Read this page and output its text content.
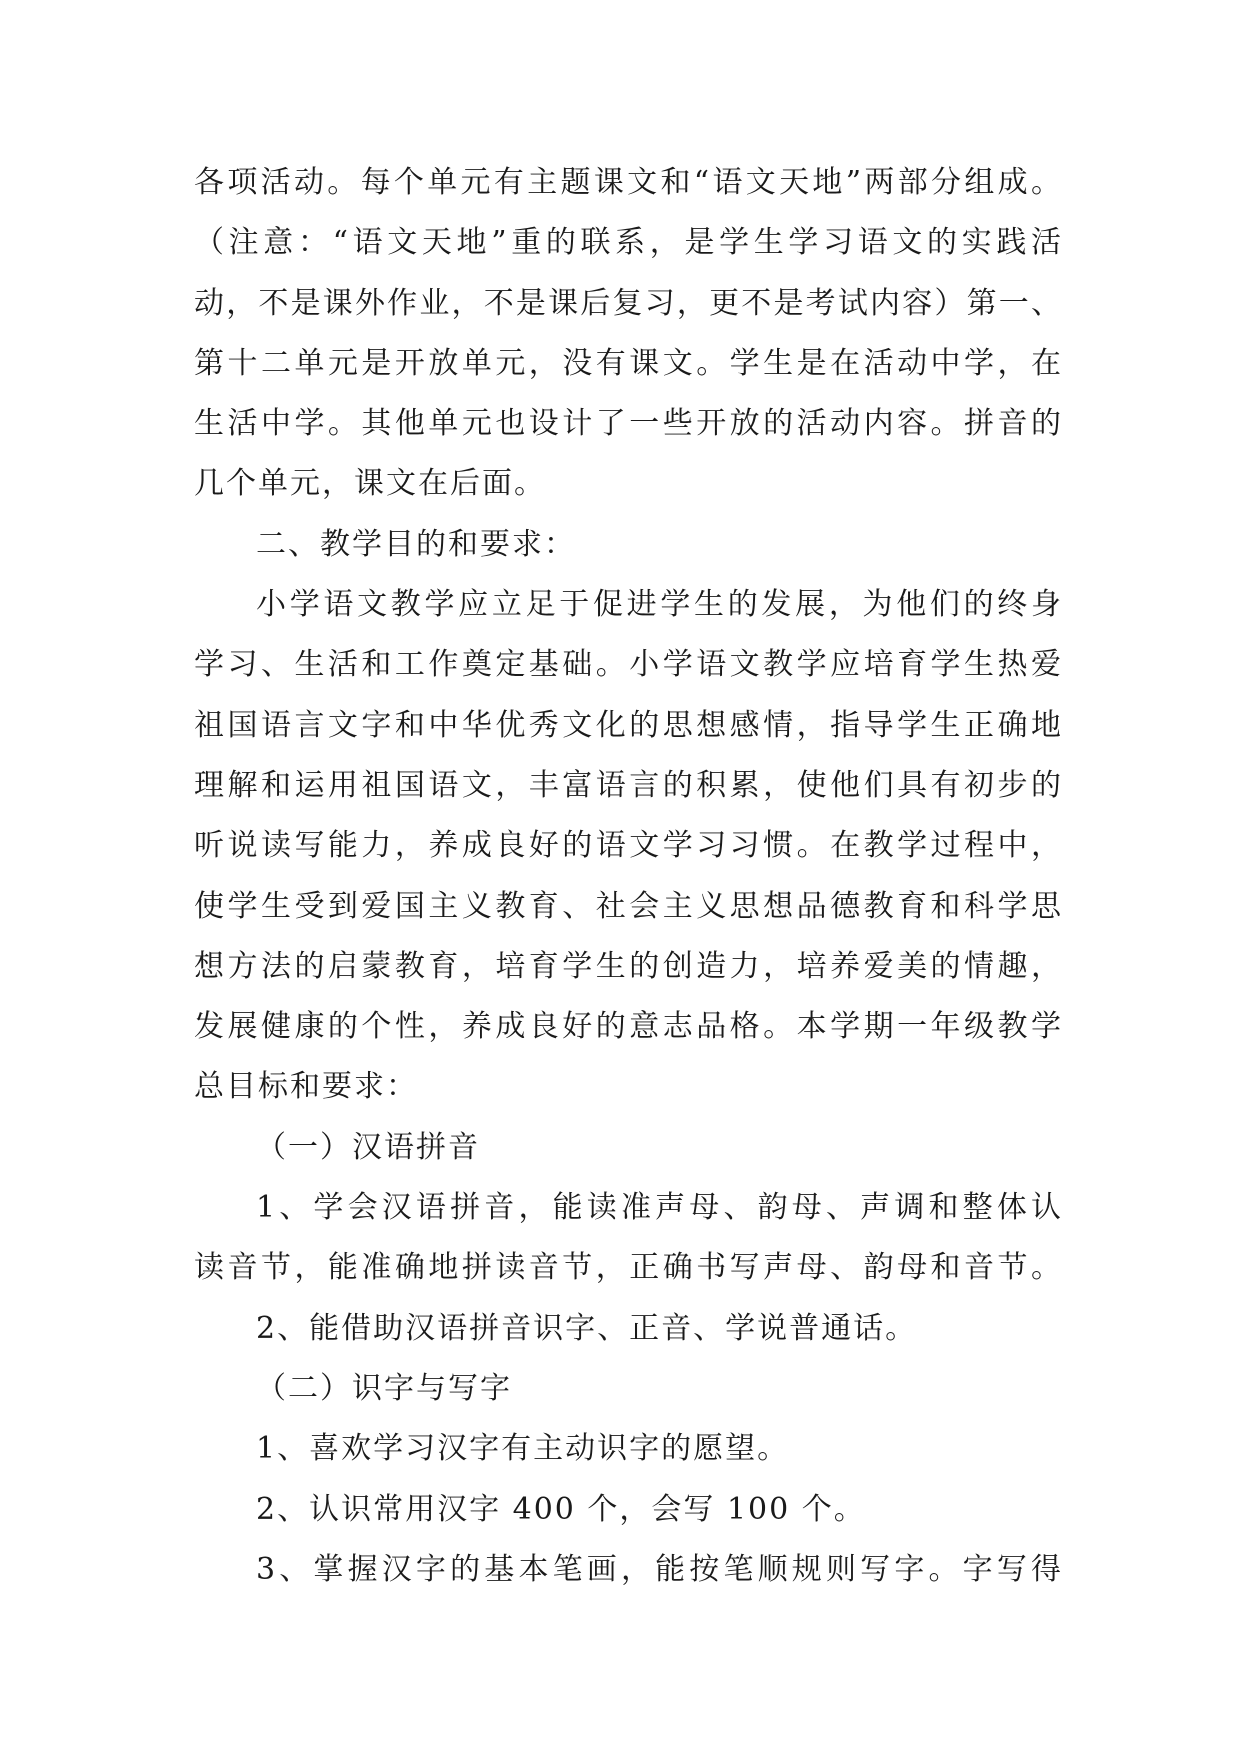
各项活动。每个单元有主题课文和“语文天地”两部分组成。
（注意：“语文天地”重的联系，是学生学习语文的实践活
动，不是课外作业，不是课后复习，更不是考试内容）第一、
第十二单元是开放单元，没有课文。学生是在活动中学，在
生活中学。其他单元也设计了一些开放的活动内容。拼音的
几个单元，课文在后面。
二、教学目的和要求：
小学语文教学应立足于促进学生的发展，为他们的终身
学习、生活和工作奠定基础。小学语文教学应培育学生热爱
祖国语言文字和中华优秀文化的思想感情，指导学生正确地
理解和运用祖国语文，丰富语言的积累，使他们具有初步的
听说读写能力，养成良好的语文学习习惯。在教学过程中，
使学生受到爱国主义教育、社会主义思想品德教育和科学思
想方法的启蒙教育，培育学生的创造力，培养爱美的情趣，
发展健康的个性，养成良好的意志品格。本学期一年级教学
总目标和要求：
（一）汉语拼音
1、学会汉语拼音，能读准声母、韵母、声调和整体认
读音节，能准确地拼读音节，正确书写声母、韵母和音节。
2、能借助汉语拼音识字、正音、学说普通话。
（二）识字与写字
1、喜欢学习汉字有主动识字的愿望。
2、认识常用汉字 400 个，会写 100 个。
3、掌握汉字的基本笔画，能按笔顺规则写字。字写得
